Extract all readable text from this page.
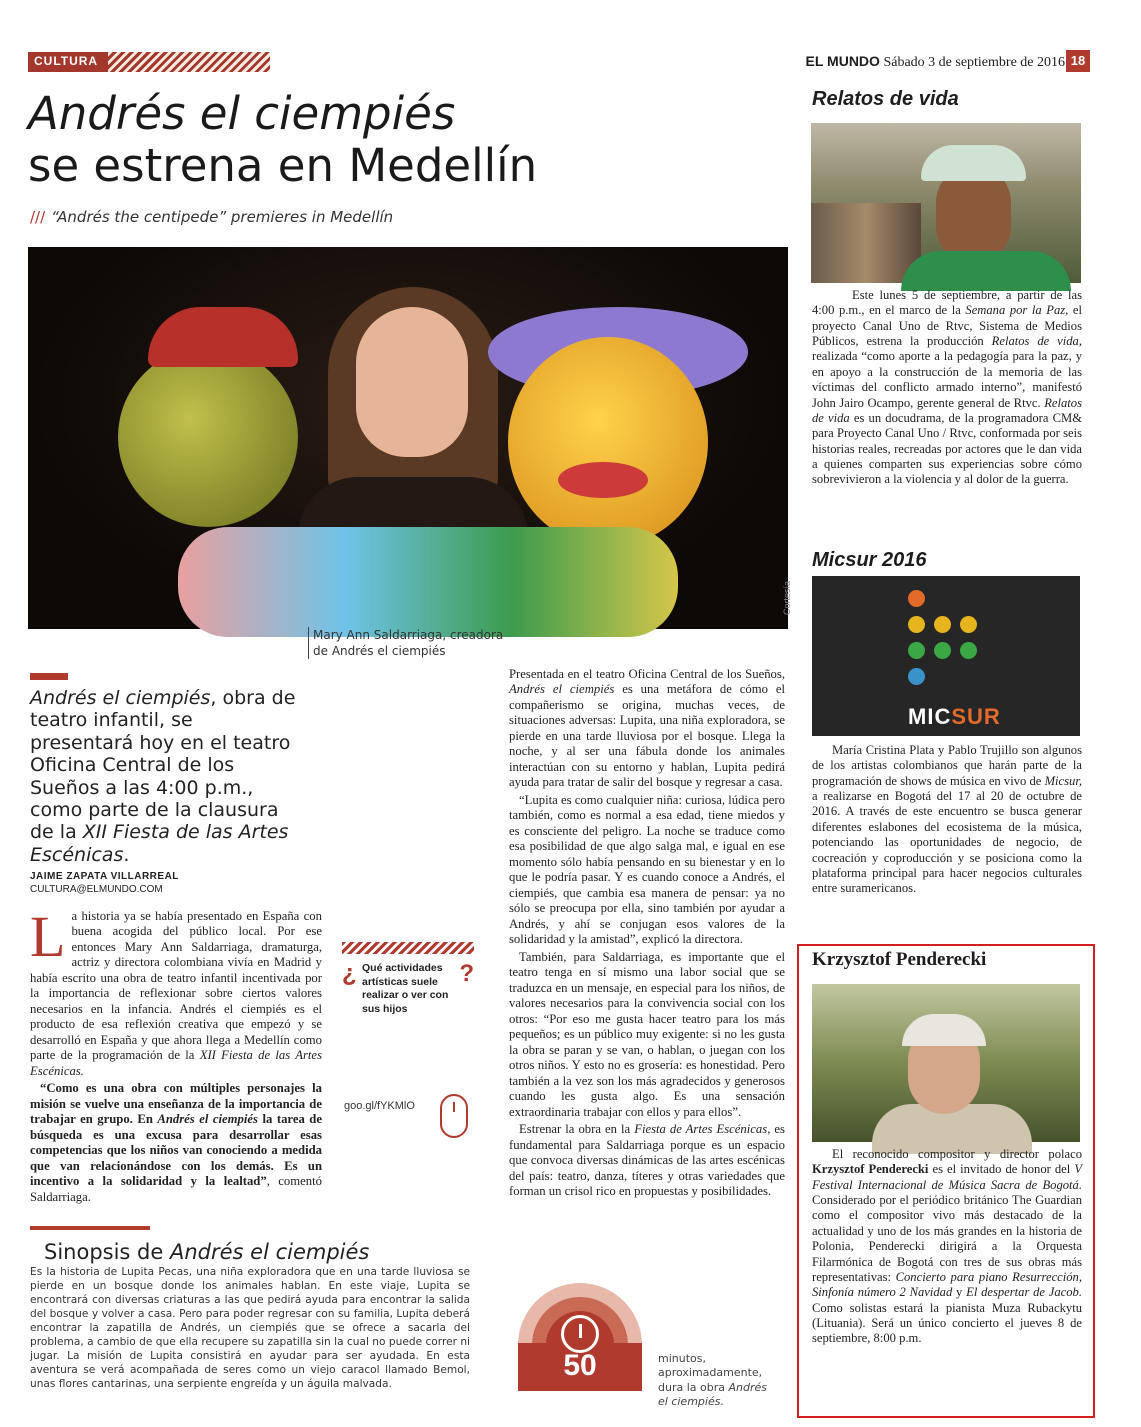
CULTURA	EL MUNDO Sábado 3 de septiembre de 2016 18
Andrés el ciempiés
se estrena en Medellín
/// “Andrés the centipede” premieres in Medellín
Cortesía
Mary Ann Saldarriaga, creadora
de Andrés el ciempiés
Andrés el ciempiés, obra de teatro infantil, se presentará hoy en el teatro Oficina Central de los Sueños a las 4:00 p.m., como parte de la clausura de la XII Fiesta de las Artes Escénicas.
JAIME ZAPATA VILLARREAL
CULTURA@ELMUNDO.COM

La historia ya se había presentado en España con buena acogida del público local. Por ese entonces Mary Ann Saldarriaga, dramaturga, actriz y directora colombiana vivía en Madrid y había escrito una obra de teatro infantil incentivada por la importancia de reflexionar sobre ciertos valores necesarios en la infancia. Andrés el ciempiés es el producto de esa reflexión creativa que empezó y se desarrolló en España y que ahora llega a Medellín como parte de la programación de la XII Fiesta de las Artes Escénicas.

“Como es una obra con múltiples personajes la misión se vuelve una enseñanza de la importancia de trabajar en grupo. En Andrés el ciempiés la tarea de búsqueda es una excusa para desarrollar esas competencias que los niños van conociendo a medida que van relacionándose con los demás. Es un incentivo a la solidaridad y la lealtad”, comentó Saldarriaga.

¿ Qué actividades artísticas suele realizar o ver con sus hijos
?
goo.gl/fYKMlO
Sinopsis de Andrés el ciempiés
Es la historia de Lupita Pecas, una niña exploradora que en una tarde lluviosa se pierde en un bosque donde los animales hablan. En este viaje, Lupita se encontrará con diversas criaturas a las que pedirá ayuda para encontrar la salida del bosque y volver a casa. Pero para poder regresar con su familia, Lupita deberá encontrar la zapatilla de Andrés, un ciempiés que se ofrece a sacarla del problema, a cambio de que ella recupere su zapatilla sin la cual no puede correr ni jugar. La misión de Lupita consistirá en ayudar para ser ayudada. En esta aventura se verá acompañada de seres como un viejo caracol llamado Bemol, unas flores cantarinas, una serpiente engreída y un águila malvada.

Presentada en el teatro Oficina Central de los Sueños, Andrés el ciempiés es una metáfora de cómo el compañerismo se origina, muchas veces, de situaciones adversas: Lupita, una niña exploradora, se pierde en una tarde lluviosa por el bosque. Llega la noche, y al ser una fábula donde los animales interactúan con su entorno y hablan, Lupita pedirá ayuda para tratar de salir del bosque y regresar a casa.

“Lupita es como cualquier niña: curiosa, lúdica pero también, como es normal a esa edad, tiene miedos y es consciente del peligro. La noche se traduce como esa posibilidad de que algo salga mal, e igual en ese momento sólo había pensando en su bienestar y en lo que le podría pasar. Y es cuando conoce a Andrés, el ciempiés, que cambia esa manera de pensar: ya no sólo se preocupa por ella, sino también por ayudar a Andrés, y ahí se conjugan esos valores de la solidaridad y la amistad”, explicó la directora.

También, para Saldarriaga, es importante que el teatro tenga en sí mismo una labor social que se traduzca en un mensaje, en especial para los niños, de valores necesarios para la convivencia social con los otros: “Por eso me gusta hacer teatro para los más pequeños; es un público muy exigente: si no les gusta la obra se paran y se van, o hablan, o juegan con los otros niños. Y esto no es grosería: es honestidad. Pero también a la vez son los más agradecidos y generosos cuando les gusta algo. Es una sensación extraordinaria trabajar con ellos y para ellos”.

Estrenar la obra en la Fiesta de Artes Escénicas, es fundamental para Saldarriaga porque es un espacio que convoca diversas dinámicas de las artes escénicas del país: teatro, danza, títeres y otras variedades que forman un crisol rico en propuestas y posibilidades.

50	minutos, aproximadamente, dura la obra Andrés el ciempiés.
Relatos de vida
Este lunes 5 de septiembre, a partir de las 4:00 p.m., en el marco de la Semana por la Paz, el proyecto Canal Uno de Rtvc, Sistema de Medios Públicos, estrena la producción Relatos de vida, realizada “como aporte a la pedagogía para la paz, y en apoyo a la construcción de la memoria de las víctimas del conflicto armado interno”, manifestó John Jairo Ocampo, gerente general de Rtvc. Relatos de vida es un docudrama, de la programadora CM& para Proyecto Canal Uno / Rtvc, conformada por seis historias reales, recreadas por actores que le dan vida a quienes comparten sus experiencias sobre cómo sobrevivieron a la violencia y al dolor de la guerra.
Micsur 2016
MICSUR
María Cristina Plata y Pablo Trujillo son algunos de los artistas colombianos que harán parte de la programación de shows de música en vivo de Micsur, a realizarse en Bogotá del 17 al 20 de octubre de 2016. A través de este encuentro se busca generar diferentes eslabones del ecosistema de la música, potenciando las oportunidades de negocio, de cocreación y coproducción y se posiciona como la plataforma principal para hacer negocios culturales entre suramericanos.
Krzysztof Penderecki
El reconocido compositor y director polaco Krzysztof Penderecki es el invitado de honor del V Festival Internacional de Música Sacra de Bogotá. Considerado por el periódico británico The Guardian como el compositor vivo más destacado de la actualidad y uno de los más grandes en la historia de Polonia, Penderecki dirigirá a la Orquesta Filarmónica de Bogotá con tres de sus obras más representativas: Concierto para piano Resurrección, Sinfonía número 2 Navidad y El despertar de Jacob. Como solistas estará la pianista Muza Rubackytu (Lituania). Será un único concierto el jueves 8 de septiembre, 8:00 p.m.
